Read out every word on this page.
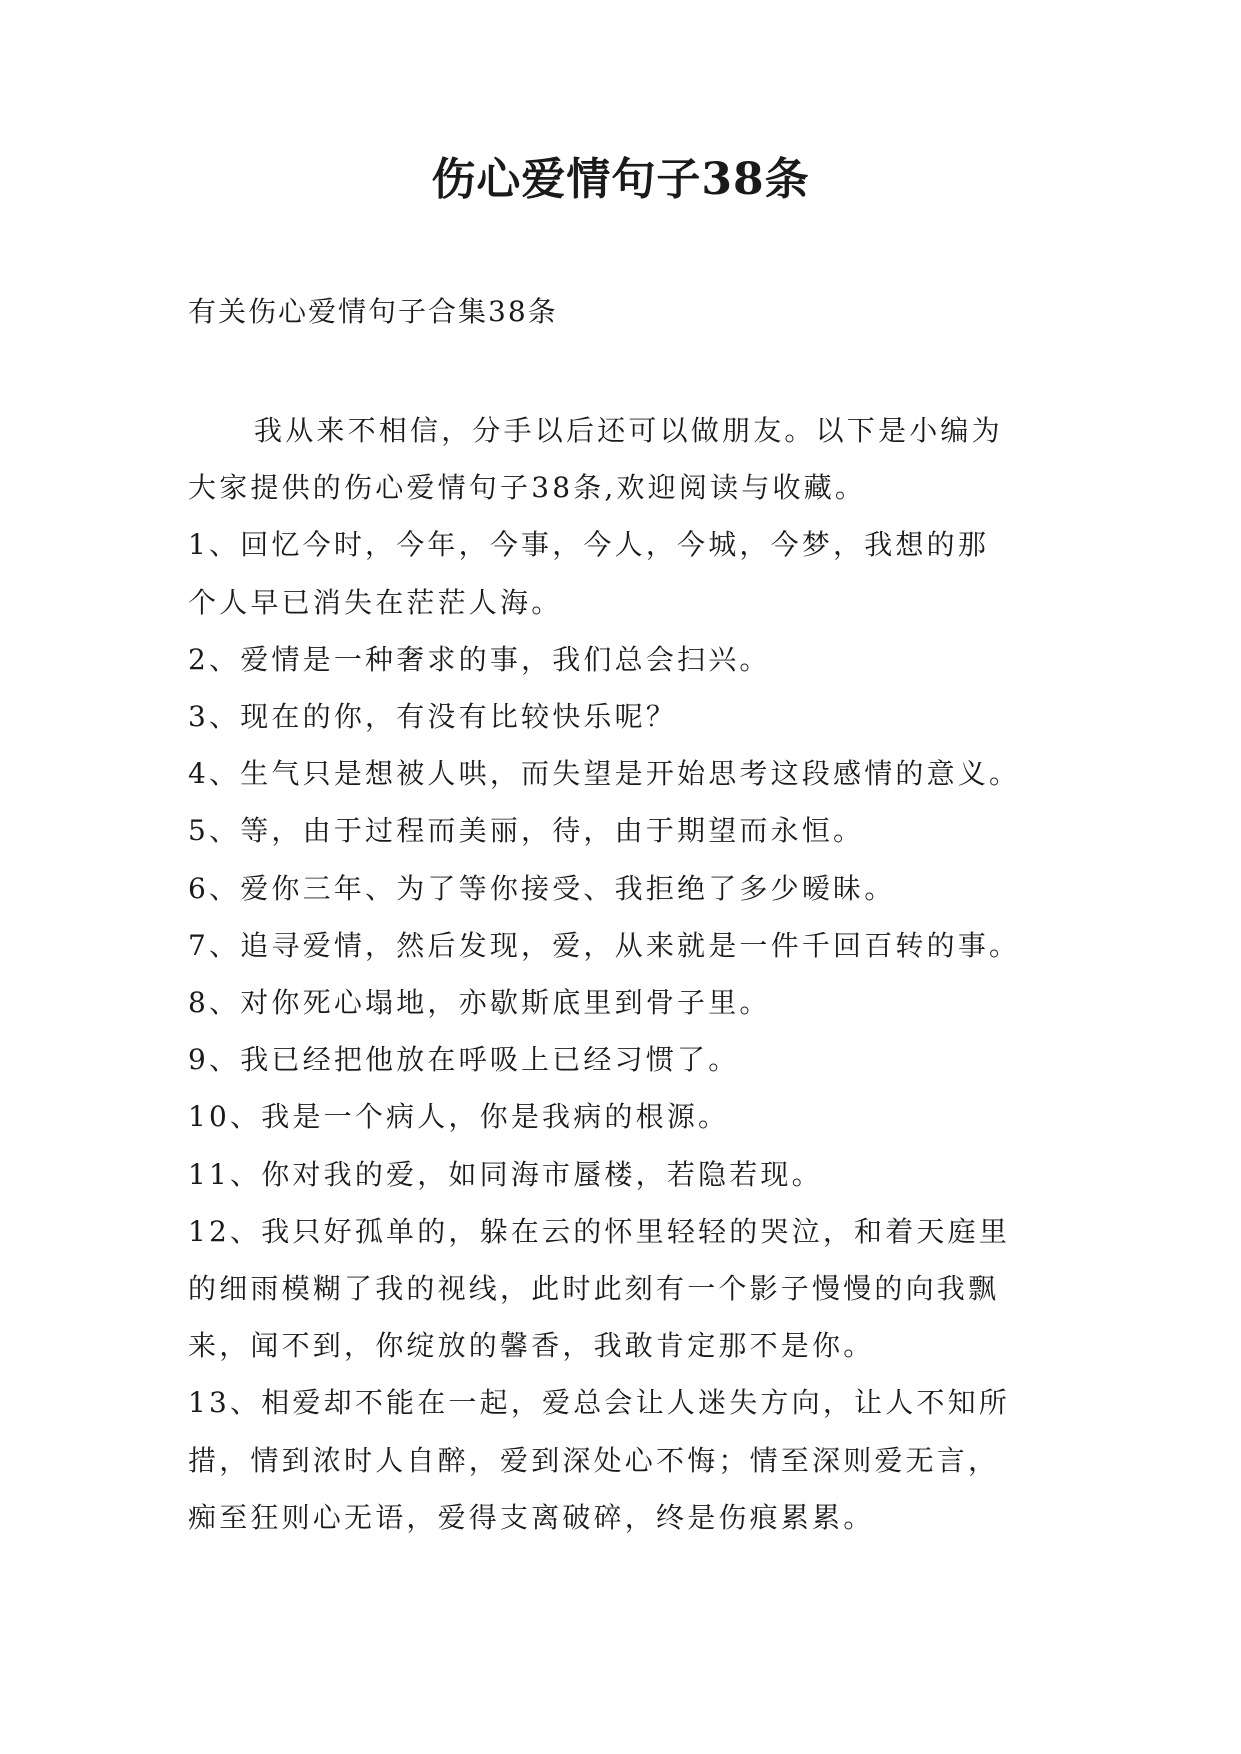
伤心爱情句子38条
有关伤心爱情句子合集38条

我从来不相信，分手以后还可以做朋友。以下是小编为

大家提供的伤心爱情句子38条,欢迎阅读与收藏。

1、回忆今时，今年，今事，今人，今城，今梦，我想的那

个人早已消失在茫茫人海。

2、爱情是一种奢求的事，我们总会扫兴。

3、现在的你，有没有比较快乐呢？

4、生气只是想被人哄，而失望是开始思考这段感情的意义。

5、等，由于过程而美丽，待，由于期望而永恒。

6、爱你三年、为了等你接受、我拒绝了多少暧昧。

7、追寻爱情，然后发现，爱，从来就是一件千回百转的事。

8、对你死心塌地，亦歇斯底里到骨子里。

9、我已经把他放在呼吸上已经习惯了。

10、我是一个病人，你是我病的根源。

11、你对我的爱，如同海市蜃楼，若隐若现。

12、我只好孤单的，躲在云的怀里轻轻的哭泣，和着天庭里

的细雨模糊了我的视线，此时此刻有一个影子慢慢的向我飘

来，闻不到，你绽放的馨香，我敢肯定那不是你。

13、相爱却不能在一起，爱总会让人迷失方向，让人不知所

措，情到浓时人自醉，爱到深处心不悔；情至深则爱无言，

痴至狂则心无语，爱得支离破碎，终是伤痕累累。
